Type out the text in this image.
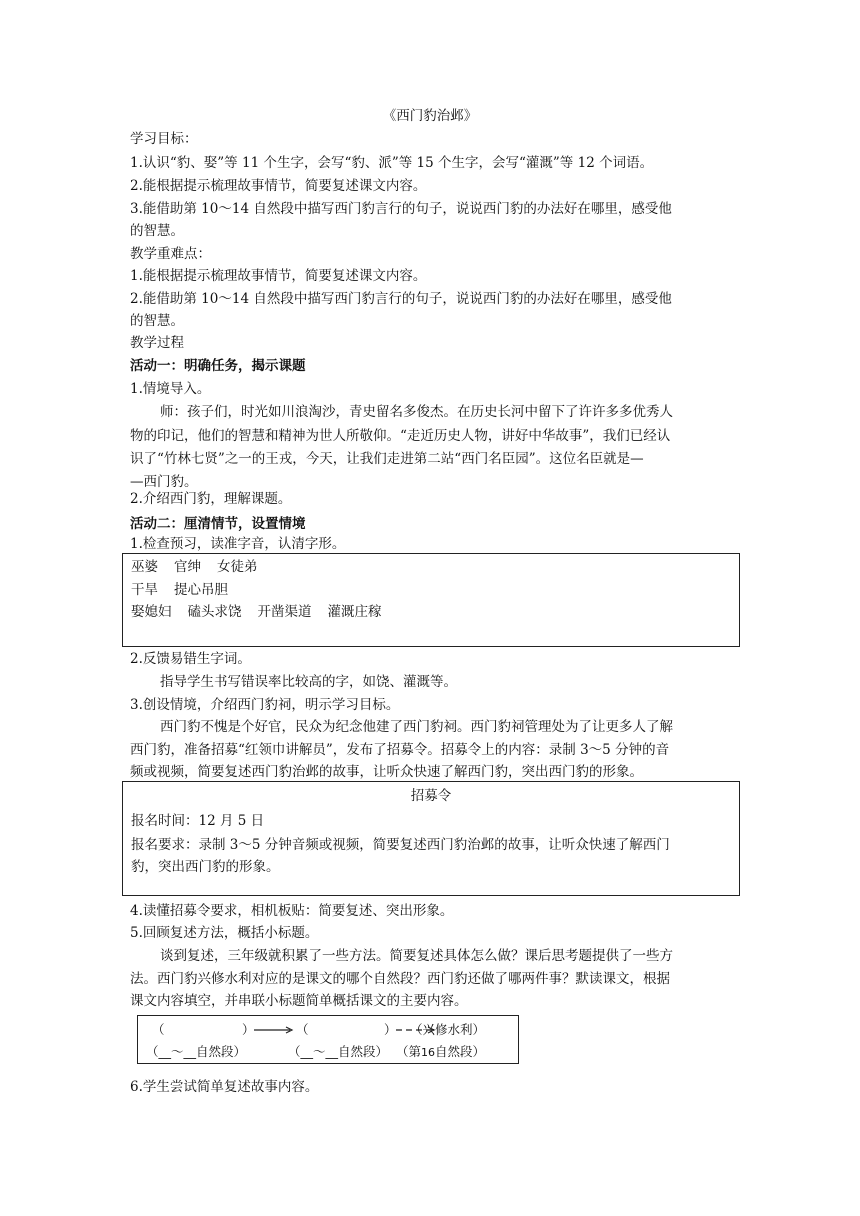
《西门豹治邺》
学习目标：
1.认识“豹、娶”等 11 个生字，会写“豹、派”等 15 个生字，会写“灌溉”等 12 个词语。
2.能根据提示梳理故事情节，简要复述课文内容。
3.能借助第 10～14 自然段中描写西门豹言行的句子，说说西门豹的办法好在哪里，感受他
的智慧。
教学重难点：
1.能根据提示梳理故事情节，简要复述课文内容。
2.能借助第 10～14 自然段中描写西门豹言行的句子，说说西门豹的办法好在哪里，感受他
的智慧。
教学过程
活动一：明确任务，揭示课题
1.情境导入。
师：孩子们，时光如川浪淘沙，青史留名多俊杰。在历史长河中留下了许许多多优秀人
物的印记，他们的智慧和精神为世人所敬仰。“走近历史人物，讲好中华故事”，我们已经认
识了“竹林七贤”之一的王戎，今天，让我们走进第二站“西门名臣园”。这位名臣就是—
—西门豹。
2.介绍西门豹，理解课题。
活动二：厘清情节，设置情境
1.检查预习，读准字音，认清字形。
巫婆 官绅 女徒弟
干旱 提心吊胆
娶媳妇 磕头求饶 开凿渠道 灌溉庄稼
2.反馈易错生字词。
指导学生书写错误率比较高的字，如饶、灌溉等。
3.创设情境，介绍西门豹祠，明示学习目标。
西门豹不愧是个好官，民众为纪念他建了西门豹祠。西门豹祠管理处为了让更多人了解
西门豹，准备招募“红领巾讲解员”，发布了招募令。招募令上的内容：录制 3～5 分钟的音
频或视频，简要复述西门豹治邺的故事，让听众快速了解西门豹，突出西门豹的形象。
招募令
报名时间：12 月 5 日
报名要求：录制 3～5 分钟音频或视频，简要复述西门豹治邺的故事，让听众快速了解西门
豹，突出西门豹的形象。
4.读懂招募令要求，相机板贴：简要复述、突出形象。
5.回顾复述方法，概括小标题。
谈到复述，三年级就积累了一些方法。简要复述具体怎么做？课后思考题提供了一些方
法。西门豹兴修水利对应的是课文的哪个自然段？西门豹还做了哪两件事？默读课文，根据
课文内容填空，并串联小标题简单概括课文的主要内容。
（	）	（	） （兴修水利）
（__～__自然段）	（__～__自然段） （第16自然段）
6.学生尝试简单复述故事内容。
